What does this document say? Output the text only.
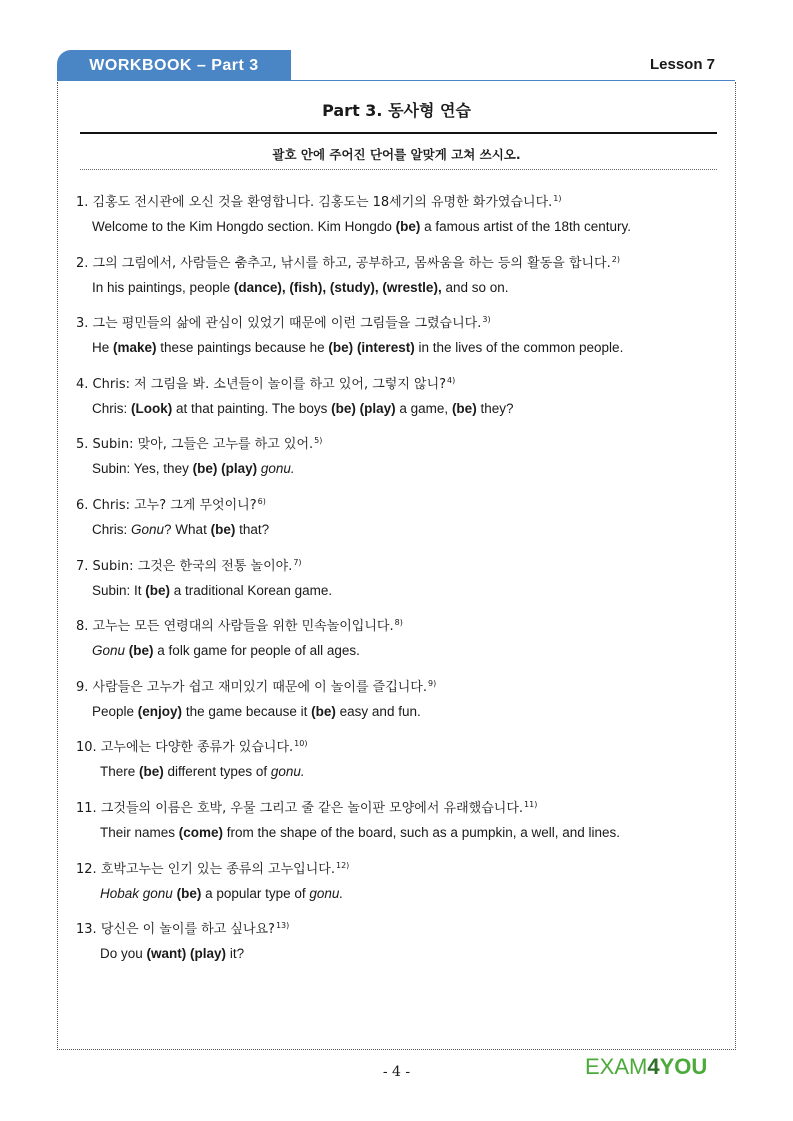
WORKBOOK – Part 3	Lesson 7
Part 3. 동사형 연습
괄호 안에 주어진 단어를 알맞게 고쳐 쓰시오.
1. 김홍도 전시관에 오신 것을 환영합니다. 김홍도는 18세기의 유명한 화가였습니다.$^{1)}$
Welcome to the Kim Hongdo section. Kim Hongdo (be) a famous artist of the 18th century.
2. 그의 그림에서, 사람들은 춤추고, 낚시를 하고, 공부하고, 몸싸움을 하는 등의 활동을 합니다.$^{2)}$
In his paintings, people (dance), (fish), (study), (wrestle), and so on.
3. 그는 평민들의 삶에 관심이 있었기 때문에 이런 그림들을 그렸습니다.$^{3)}$
He (make) these paintings because he (be) (interest) in the lives of the common people.
4. Chris: 저 그림을 봐. 소년들이 놀이를 하고 있어, 그렇지 않니?$^{4)}$
Chris: (Look) at that painting. The boys (be) (play) a game, (be) they?
5. Subin: 맞아, 그들은 고누를 하고 있어.$^{5)}$
Subin: Yes, they (be) (play) gonu.
6. Chris: 고누? 그게 무엇이니?$^{6)}$
Chris: Gonu? What (be) that?
7. Subin: 그것은 한국의 전통 놀이야.$^{7)}$
Subin: It (be) a traditional Korean game.
8. 고누는 모든 연령대의 사람들을 위한 민속놀이입니다.$^{8)}$
Gonu (be) a folk game for people of all ages.
9. 사람들은 고누가 쉽고 재미있기 때문에 이 놀이를 즐깁니다.$^{9)}$
People (enjoy) the game because it (be) easy and fun.
10. 고누에는 다양한 종류가 있습니다.$^{10)}$
There (be) different types of gonu.
11. 그것들의 이름은 호박, 우물 그리고 줄 같은 놀이판 모양에서 유래했습니다.$^{11)}$
Their names (come) from the shape of the board, such as a pumpkin, a well, and lines.
12. 호박고누는 인기 있는 종류의 고누입니다.$^{12)}$
Hobak gonu (be) a popular type of gonu.
13. 당신은 이 놀이를 하고 싶나요?$^{13)}$
Do you (want) (play) it?
- 4 -	EXAM4YOU
